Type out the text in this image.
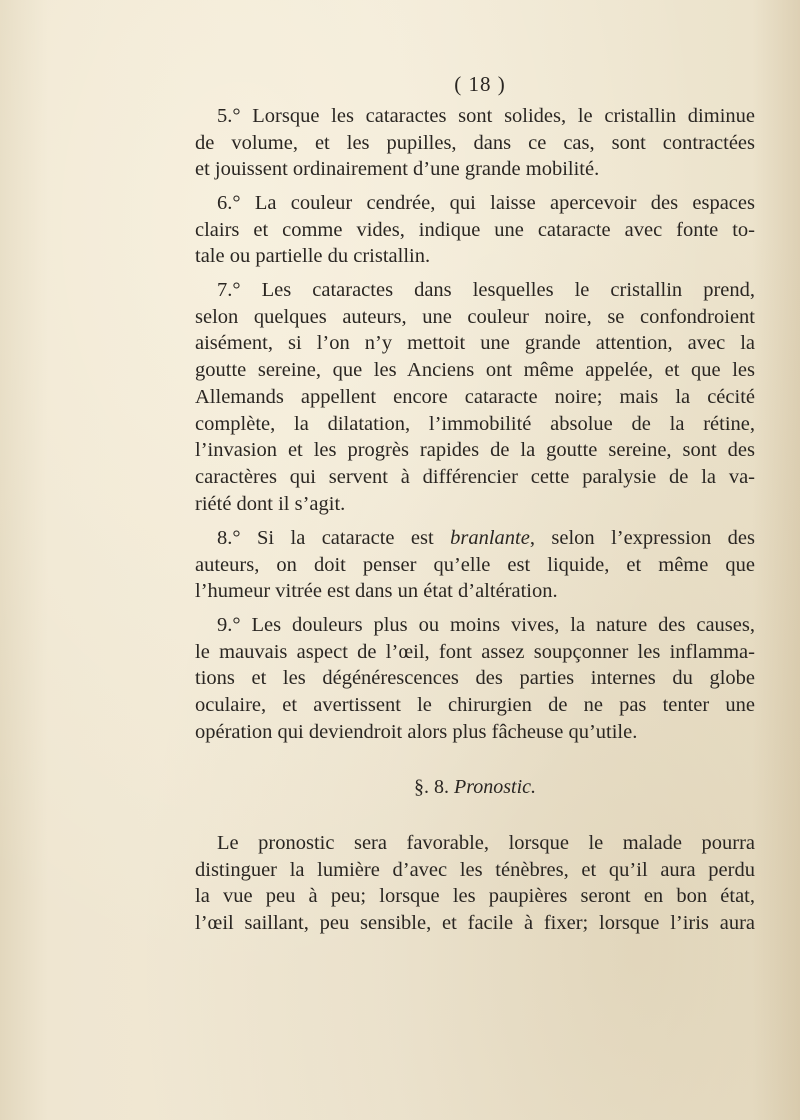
( 18 )

5.° Lorsque les cataractes sont solides, le cristallin diminue
de volume, et les pupilles, dans ce cas, sont contractées
et jouissent ordinairement d’une grande mobilité.

6.° La couleur cendrée, qui laisse apercevoir des espaces
clairs et comme vides, indique une cataracte avec fonte to-
tale ou partielle du cristallin.

7.° Les cataractes dans lesquelles le cristallin prend,
selon quelques auteurs, une couleur noire, se confondroient
aisément, si l’on n’y mettoit une grande attention, avec la
goutte sereine, que les Anciens ont même appelée, et que les
Allemands appellent encore cataracte noire; mais la cécité
complète, la dilatation, l’immobilité absolue de la rétine,
l’invasion et les progrès rapides de la goutte sereine, sont des
caractères qui servent à différencier cette paralysie de la va-
riété dont il s’agit.

8.° Si la cataracte est branlante, selon l’expression des
auteurs, on doit penser qu’elle est liquide, et même que
l’humeur vitrée est dans un état d’altération.

9.° Les douleurs plus ou moins vives, la nature des causes,
le mauvais aspect de l’œil, font assez soupçonner les inflamma-
tions et les dégénérescences des parties internes du globe
oculaire, et avertissent le chirurgien de ne pas tenter une
opération qui deviendroit alors plus fâcheuse qu’utile.

§. 8. Pronostic.

Le pronostic sera favorable, lorsque le malade pourra
distinguer la lumière d’avec les ténèbres, et qu’il aura perdu
la vue peu à peu; lorsque les paupières seront en bon état,
l’œil saillant, peu sensible, et facile à fixer; lorsque l’iris aura
